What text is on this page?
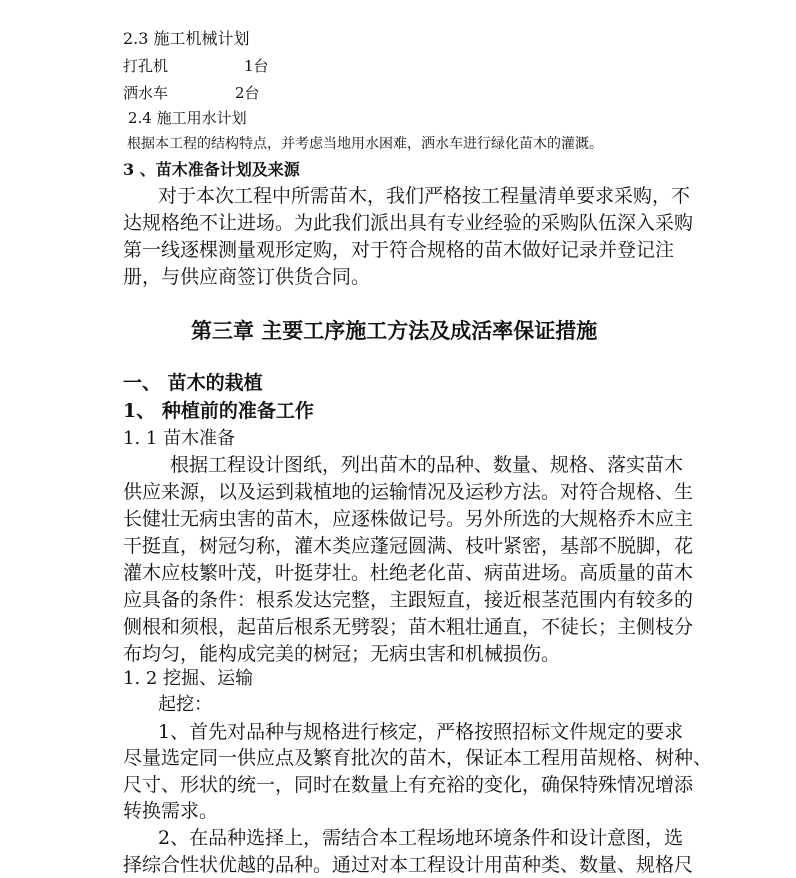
2.3 施工机械计划
打孔机	1台
洒水车	2台
2.4 施工用水计划
根据本工程的结构特点，并考虑当地用水困难，洒水车进行绿化苗木的灌溉。
3 、苗木准备计划及来源
对于本次工程中所需苗木，我们严格按工程量清单要求采购，不
达规格绝不让进场。为此我们派出具有专业经验的采购队伍深入采购
第一线逐棵测量观形定购，对于符合规格的苗木做好记录并登记注
册，与供应商签订供货合同。
第三章 主要工序施工方法及成活率保证措施
一、 苗木的栽植
1、 种植前的准备工作
1. 1 苗木准备
根据工程设计图纸，列出苗木的品种、数量、规格、落实苗木
供应来源，以及运到栽植地的运输情况及运秒方法。对符合规格、生
长健壮无病虫害的苗木，应逐株做记号。另外所选的大规格乔木应主
干挺直，树冠匀称，灌木类应蓬冠圆满、枝叶紧密，基部不脱脚，花
灌木应枝繁叶茂，叶挺芽壮。杜绝老化苗、病苗进场。高质量的苗木
应具备的条件：根系发达完整，主跟短直，接近根茎范围内有较多的
侧根和须根，起苗后根系无劈裂；苗木粗壮通直，不徒长；主侧枝分
布均匀，能构成完美的树冠；无病虫害和机械损伤。
1. 2 挖掘、运输
起挖：
1、首先对品种与规格进行核定，严格按照招标文件规定的要求
尽量选定同一供应点及繁育批次的苗木，保证本工程用苗规格、树种、
尺寸、形状的统一，同时在数量上有充裕的变化，确保特殊情况增添
转换需求。
2、在品种选择上，需结合本工程场地环境条件和设计意图，选
择综合性状优越的品种。通过对本工程设计用苗种类、数量、规格尺
